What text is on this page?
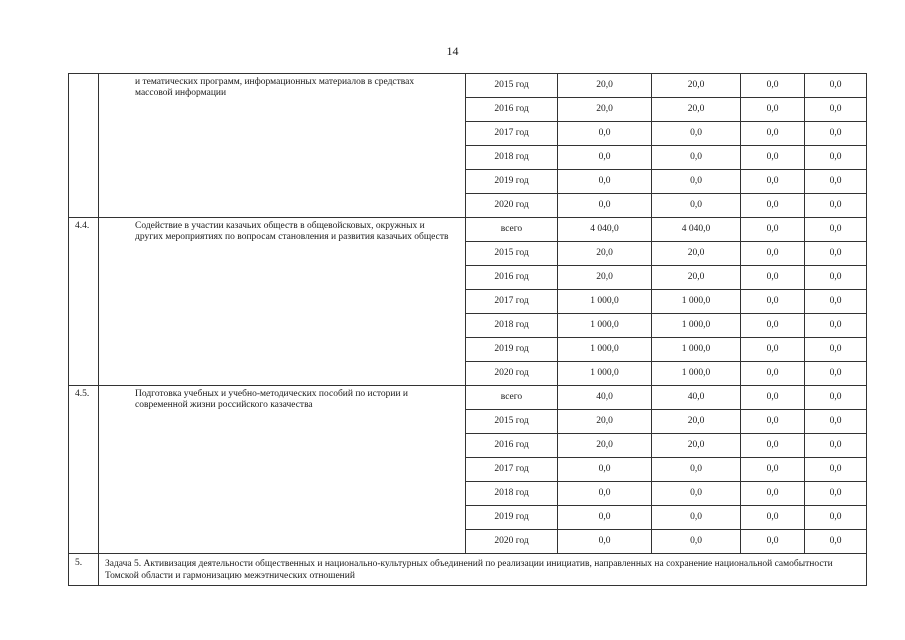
14
	и тематических программ, информационных материалов в средствах массовой информации	2015 год	20,0	20,0	0,0	0,0
		2016 год	20,0	20,0	0,0	0,0
		2017 год	0,0	0,0	0,0	0,0
		2018 год	0,0	0,0	0,0	0,0
		2019 год	0,0	0,0	0,0	0,0
		2020 год	0,0	0,0	0,0	0,0
4.4.	Содействие в участии казачьих обществ в общевойсковых, окружных и других мероприятиях по вопросам становления и развития казачьих обществ	всего	4 040,0	4 040,0	0,0	0,0
		2015 год	20,0	20,0	0,0	0,0
		2016 год	20,0	20,0	0,0	0,0
		2017 год	1 000,0	1 000,0	0,0	0,0
		2018 год	1 000,0	1 000,0	0,0	0,0
		2019 год	1 000,0	1 000,0	0,0	0,0
		2020 год	1 000,0	1 000,0	0,0	0,0
4.5.	Подготовка учебных и учебно-методических пособий по истории и современной жизни российского казачества	всего	40,0	40,0	0,0	0,0
		2015 год	20,0	20,0	0,0	0,0
		2016 год	20,0	20,0	0,0	0,0
		2017 год	0,0	0,0	0,0	0,0
		2018 год	0,0	0,0	0,0	0,0
		2019 год	0,0	0,0	0,0	0,0
		2020 год	0,0	0,0	0,0	0,0
5.	Задача 5. Активизация деятельности общественных и национально-культурных объединений по реализации инициатив, направленных на сохранение национальной самобытности Томской области и гармонизацию межэтнических отношений					
